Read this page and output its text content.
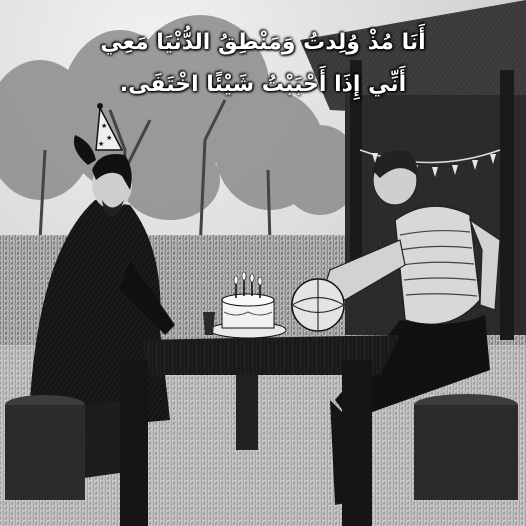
★
★
★
أَنَا مُذْ وُلِدتُ وَمَنْطِقُ الدُّنْيَا مَعِي
أَنِّي إِذَا أَحْبَبْتُ شَيْئًا اخْتَفَى.
